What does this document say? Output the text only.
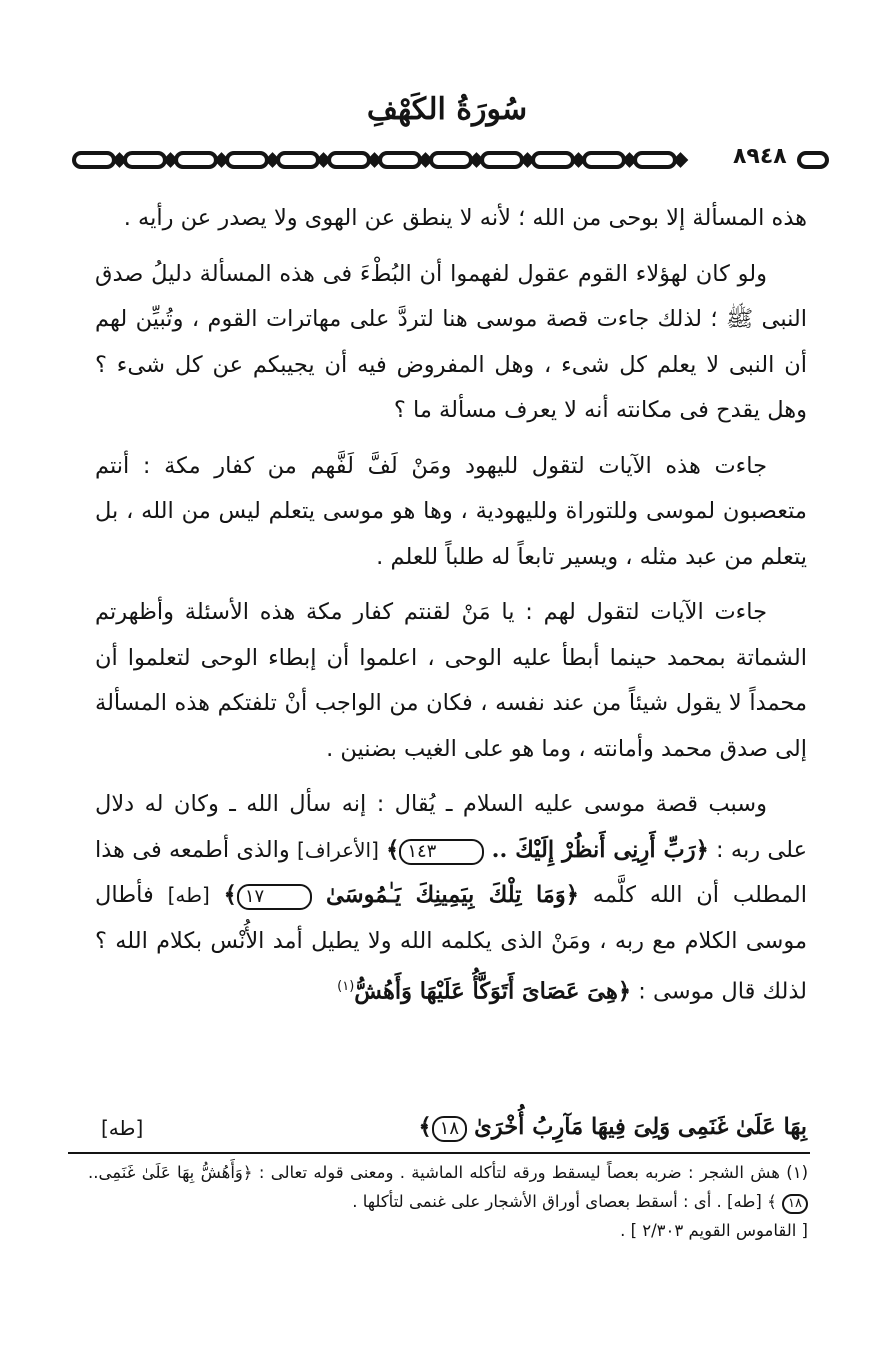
سُورَةُ الكَهْفِ
٨٩٤٨

هذه المسألة إلا بوحى من الله ؛ لأنه لا ينطق عن الهوى ولا يصدر عن رأيه .

ولو كان لهؤلاء القوم عقول لفهموا أن البُطْءَ فى هذه المسألة دليلُ صدق النبى ﷺ ؛ لذلك جاءت قصة موسى هنا لتردَّ على مهاترات القوم ، وتُبيِّن لهم أن النبى لا يعلم كل شىء ، وهل المفروض فيه أن يجيبكم عن كل شىء ؟ وهل يقدح فى مكانته أنه لا يعرف مسألة ما ؟

جاءت هذه الآيات لتقول لليهود ومَنْ لَفَّ لَفَّهم من كفار مكة : أنتم متعصبون لموسى وللتوراة ولليهودية ، وها هو موسى يتعلم ليس من الله ، بل يتعلم من عبد مثله ، ويسير تابعاً له طلباً للعلم .

جاءت الآيات لتقول لهم : يا مَنْ لقنتم كفار مكة هذه الأسئلة وأظهرتم الشماتة بمحمد حينما أبطأ عليه الوحى ، اعلموا أن إبطاء الوحى لتعلموا أن محمداً لا يقول شيئاً من عند نفسه ، فكان من الواجب أنْ تلفتكم هذه المسألة إلى صدق محمد وأمانته ، وما هو على الغيب بضنين .

وسبب قصة موسى عليه السلام ـ يُقال : إنه سأل الله ـ وكان له دلال على ربه : ﴿رَبِّ أَرِنِى أَنظُرْ إِلَيْكَ .. ١٤٣﴾ [الأعراف] والذى أطمعه فى هذا المطلب أن الله كلَّمه ﴿وَمَا تِلْكَ بِيَمِينِكَ يَـٰمُوسَىٰ ١٧﴾ [طه] فأطال موسى الكلام مع ربه ، ومَنْ الذى يكلمه الله ولا يطيل أمد الأُنْس بكلام الله ؟ لذلك قال موسى : ﴿هِىَ عَصَاىَ أَتَوَكَّأُ عَلَيْهَا وَأَهُشُّ$^{(١)}$

بِهَا عَلَىٰ غَنَمِى وَلِىَ فِيهَا مَآرِبُ أُخْرَىٰ ١٨﴾
[طه]
(١) هش الشجر : ضربه بعصاً ليسقط ورقه لتأكله الماشية . ومعنى قوله تعالى : ﴿وَأَهُشُّ بِهَا عَلَىٰ غَنَمِى.. ١٨ ﴾ [طه] . أى : أسقط بعصاى أوراق الأشجار على غنمى لتأكلها .
[ القاموس القويم ٢/٣٠٣ ] .
